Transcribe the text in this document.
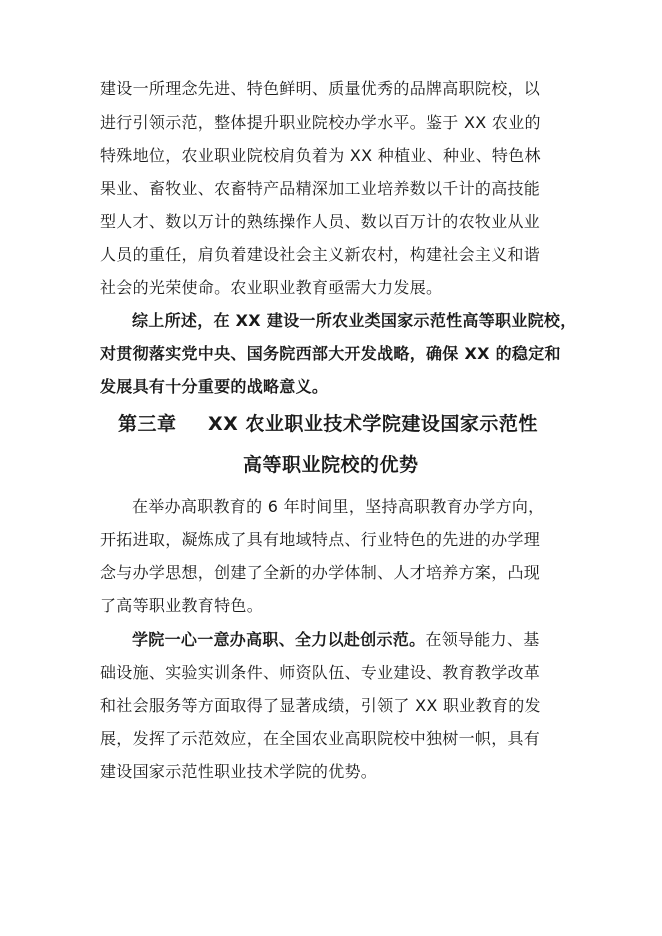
建设一所理念先进、特色鲜明、质量优秀的品牌高职院校，以
进行引领示范，整体提升职业院校办学水平。鉴于 XX 农业的
特殊地位，农业职业院校肩负着为 XX 种植业、种业、特色林
果业、畜牧业、农畜特产品精深加工业培养数以千计的高技能
型人才、数以万计的熟练操作人员、数以百万计的农牧业从业
人员的重任，肩负着建设社会主义新农村，构建社会主义和谐
社会的光荣使命。农业职业教育亟需大力发展。
综上所述，在 XX 建设一所农业类国家示范性高等职业院校，
对贯彻落实党中央、国务院西部大开发战略，确保 XX 的稳定和
发展具有十分重要的战略意义。
第三章 XX 农业职业技术学院建设国家示范性
高等职业院校的优势
在举办高职教育的 6 年时间里，坚持高职教育办学方向，
开拓进取，凝炼成了具有地域特点、行业特色的先进的办学理
念与办学思想，创建了全新的办学体制、人才培养方案，凸现
了高等职业教育特色。
学院一心一意办高职、全力以赴创示范。在领导能力、基
础设施、实验实训条件、师资队伍、专业建设、教育教学改革
和社会服务等方面取得了显著成绩，引领了 XX 职业教育的发
展，发挥了示范效应，在全国农业高职院校中独树一帜，具有
建设国家示范性职业技术学院的优势。
